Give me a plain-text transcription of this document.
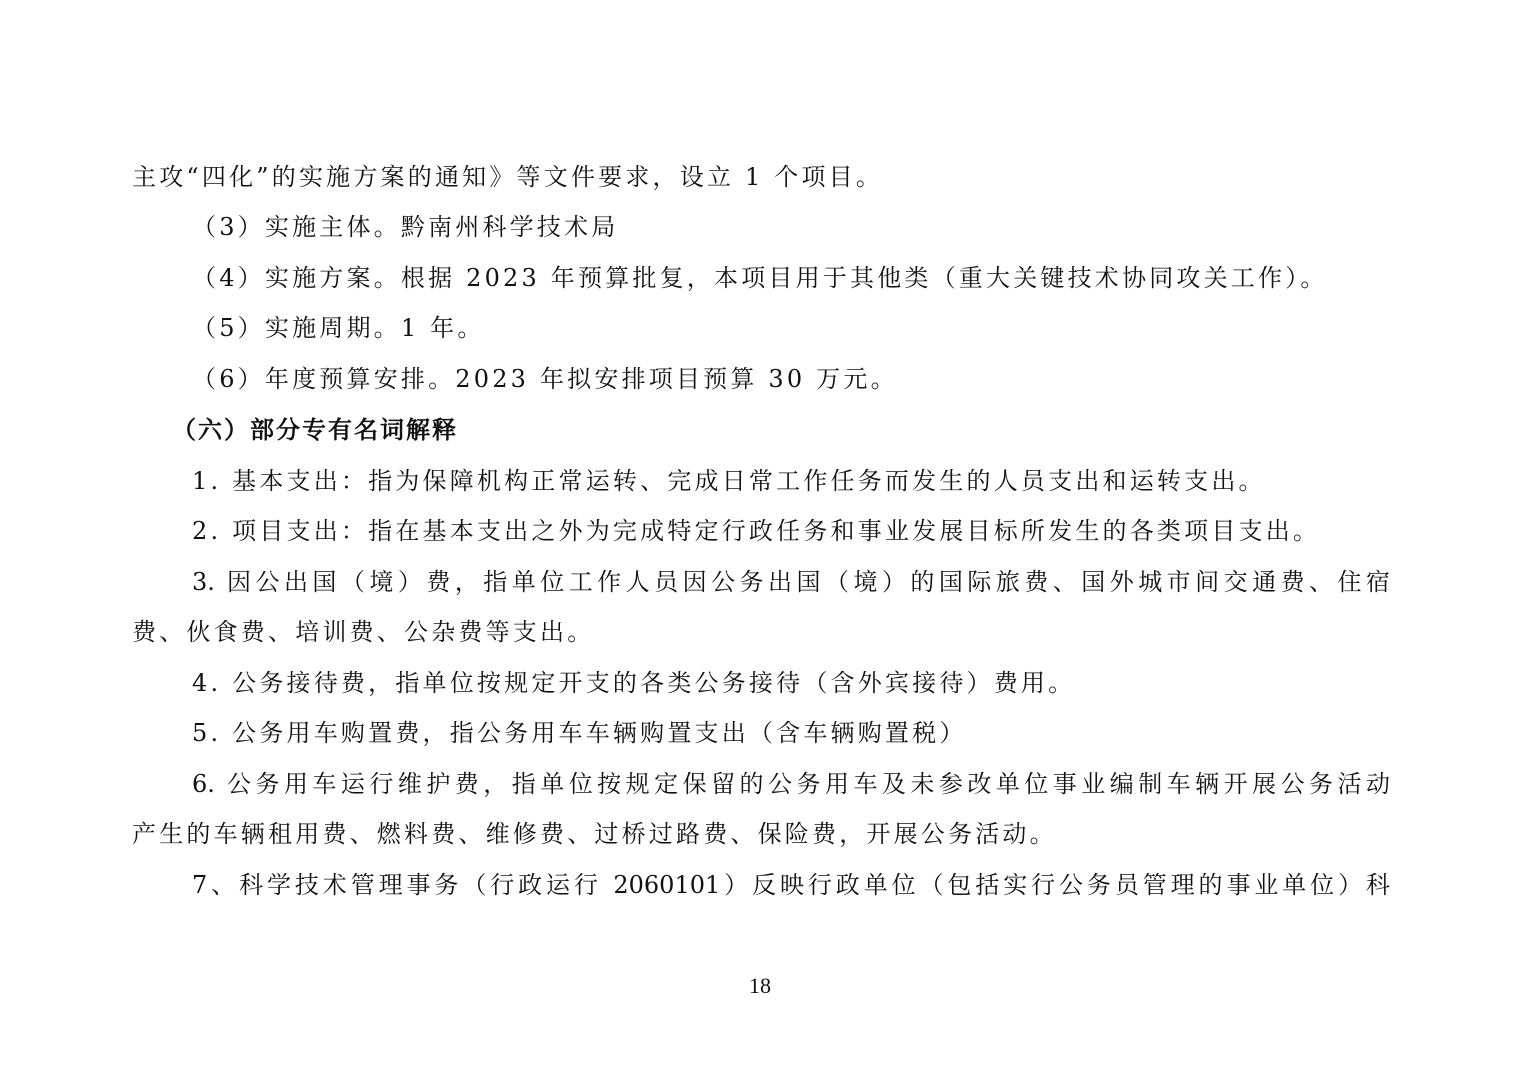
主攻“四化”的实施方案的通知》等文件要求，设立 1 个项目。
（3）实施主体。黔南州科学技术局
（4）实施方案。根据 2023 年预算批复，本项目用于其他类（重大关键技术协同攻关工作）。
（5）实施周期。1 年。
（6）年度预算安排。2023 年拟安排项目预算 30 万元。
（六）部分专有名词解释
1. 基本支出：指为保障机构正常运转、完成日常工作任务而发生的人员支出和运转支出。
2. 项目支出：指在基本支出之外为完成特定行政任务和事业发展目标所发生的各类项目支出。
3. 因公出国（境）费，指单位工作人员因公务出国（境）的国际旅费、国外城市间交通费、住宿
费、伙食费、培训费、公杂费等支出。
4. 公务接待费，指单位按规定开支的各类公务接待（含外宾接待）费用。
5. 公务用车购置费，指公务用车车辆购置支出（含车辆购置税）
6. 公务用车运行维护费，指单位按规定保留的公务用车及未参改单位事业编制车辆开展公务活动
产生的车辆租用费、燃料费、维修费、过桥过路费、保险费，开展公务活动。
7、科学技术管理事务（行政运行 2060101）反映行政单位（包括实行公务员管理的事业单位）科
18
